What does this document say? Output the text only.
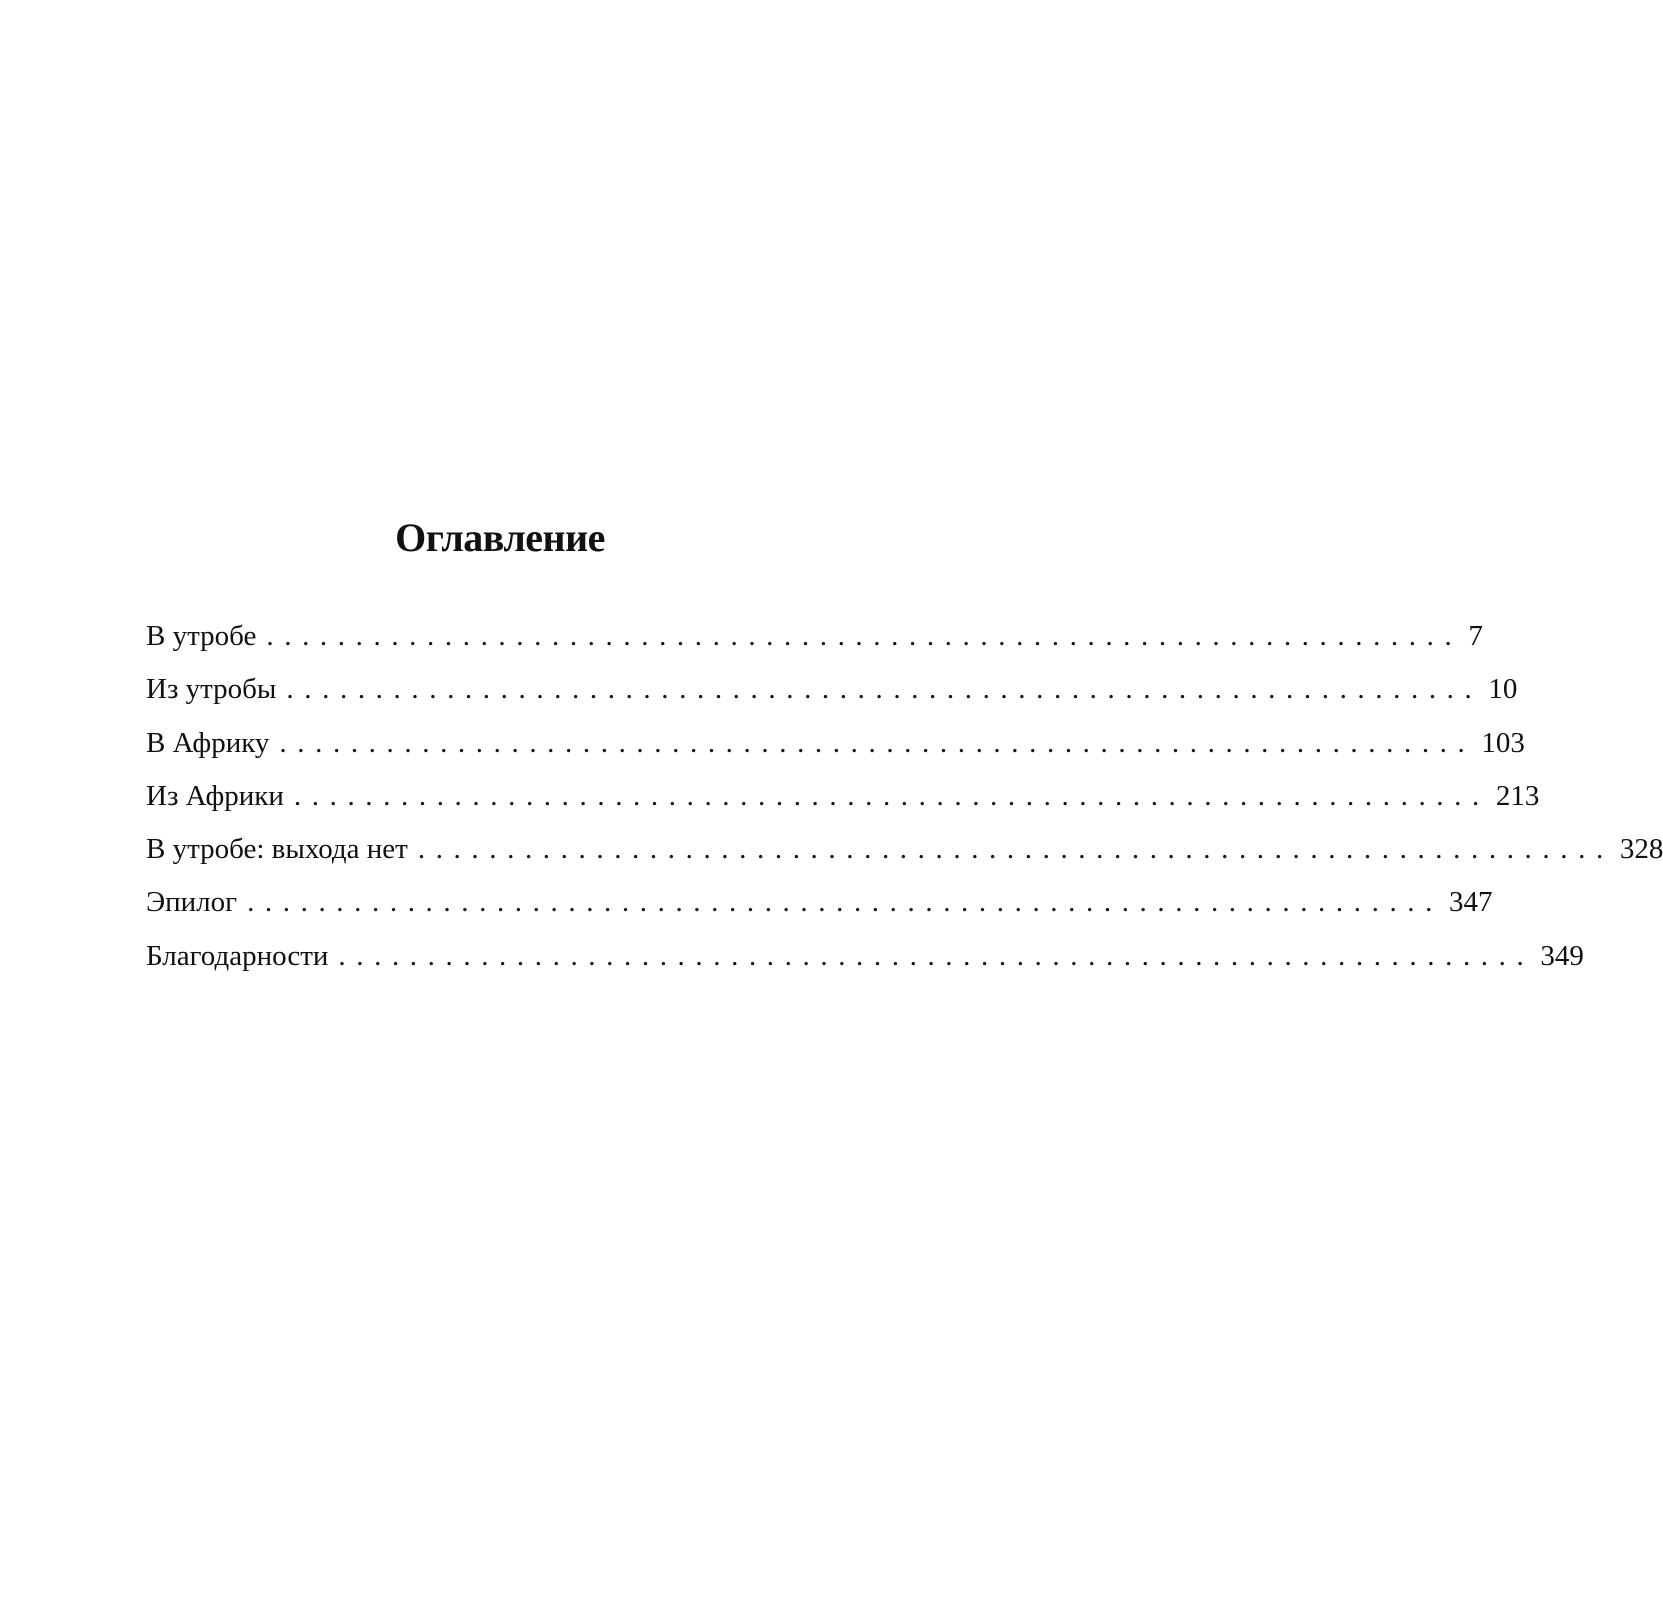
Оглавление
В утробе ................................................................... 7
Из утробы ................................................................... 10
В Африку ................................................................... 103
Из Африки ................................................................... 213
В утробе: выхода нет ................................................................... 328
Эпилог ................................................................... 347
Благодарности ................................................................... 349
